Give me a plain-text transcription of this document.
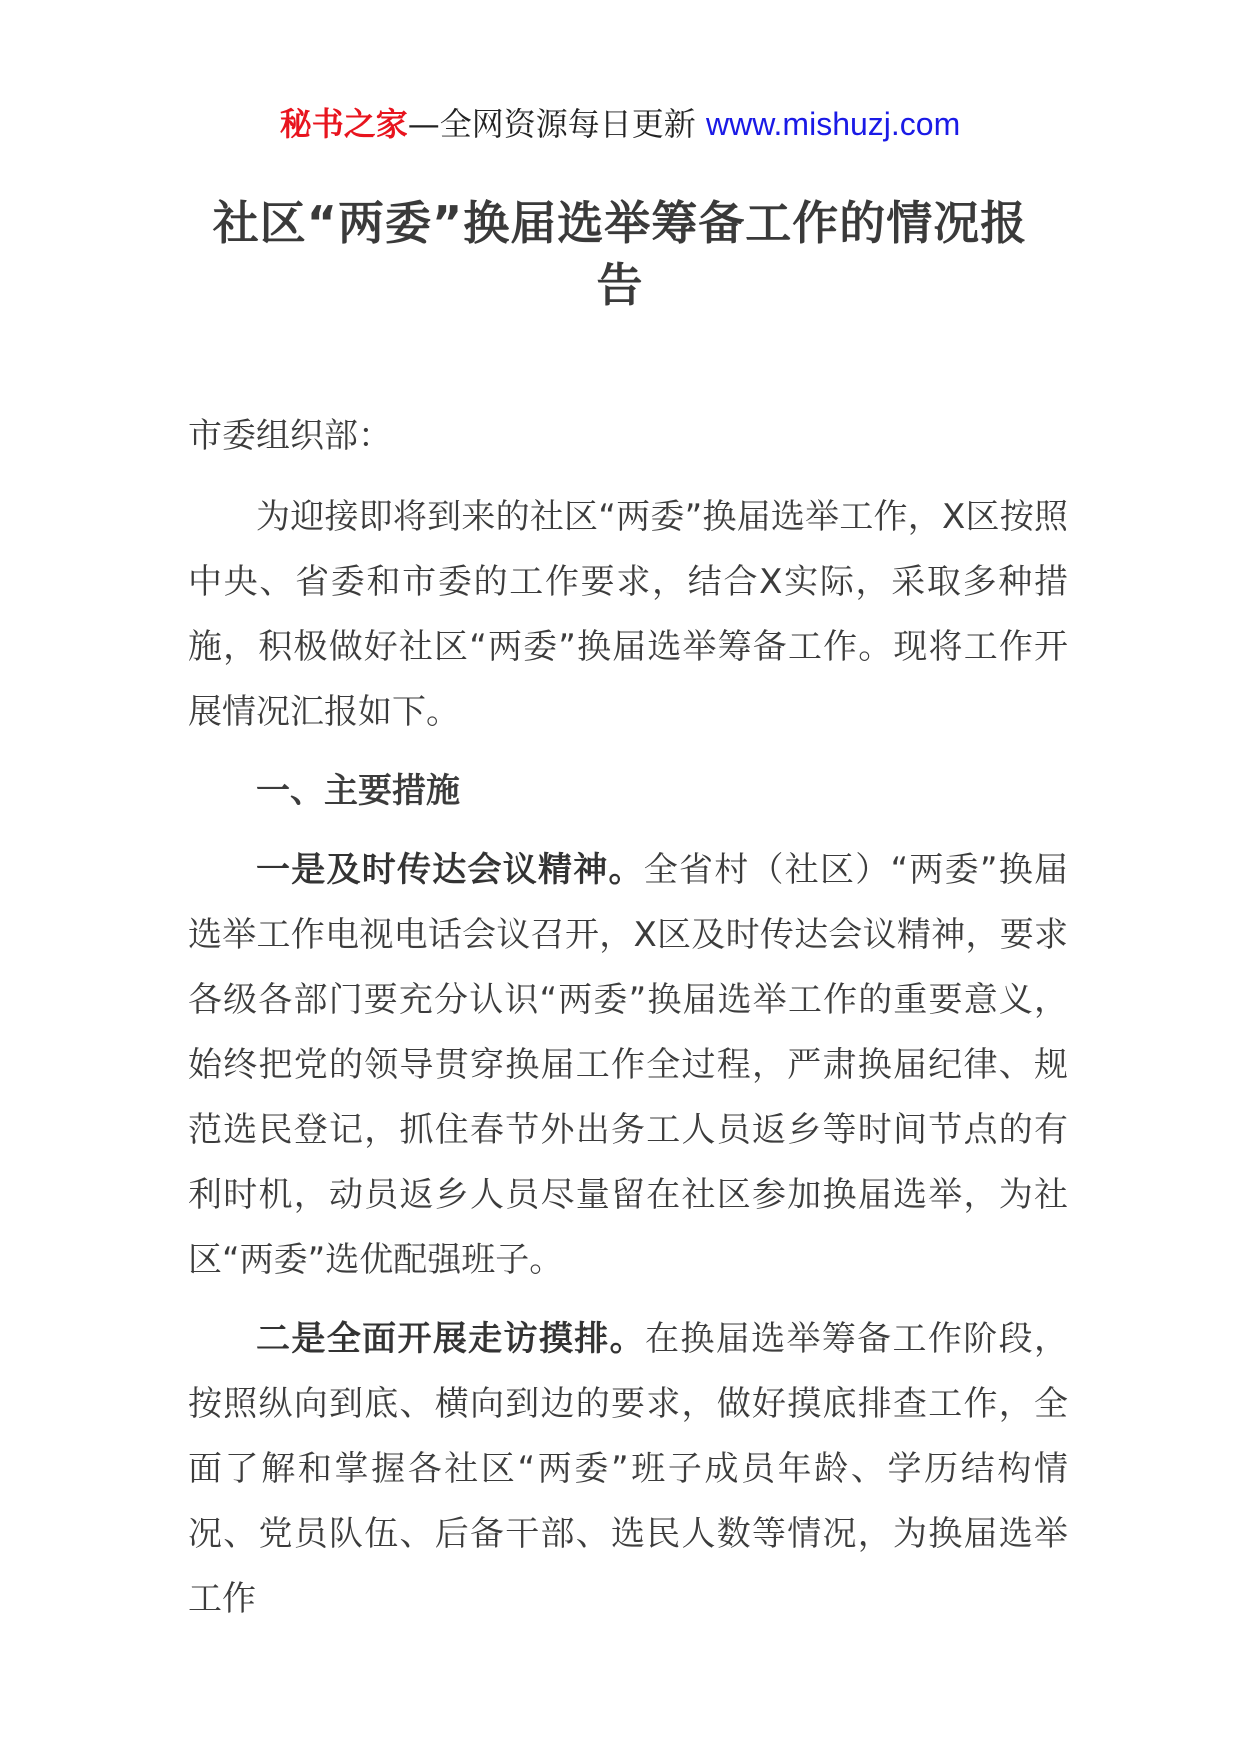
秘书之家—全网资源每日更新 www.mishuzj.com
社区“两委”换届选举筹备工作的情况报告
市委组织部：
为迎接即将到来的社区“两委”换届选举工作，X区按照中央、省委和市委的工作要求，结合X实际，采取多种措施，积极做好社区“两委”换届选举筹备工作。现将工作开展情况汇报如下。
一、主要措施
一是及时传达会议精神。全省村（社区）“两委”换届选举工作电视电话会议召开，X区及时传达会议精神，要求各级各部门要充分认识“两委”换届选举工作的重要意义，始终把党的领导贯穿换届工作全过程，严肃换届纪律、规范选民登记，抓住春节外出务工人员返乡等时间节点的有利时机，动员返乡人员尽量留在社区参加换届选举，为社区“两委”选优配强班子。
二是全面开展走访摸排。在换届选举筹备工作阶段，按照纵向到底、横向到边的要求，做好摸底排查工作，全面了解和掌握各社区“两委”班子成员年龄、学历结构情况、党员队伍、后备干部、选民人数等情况，为换届选举工作
